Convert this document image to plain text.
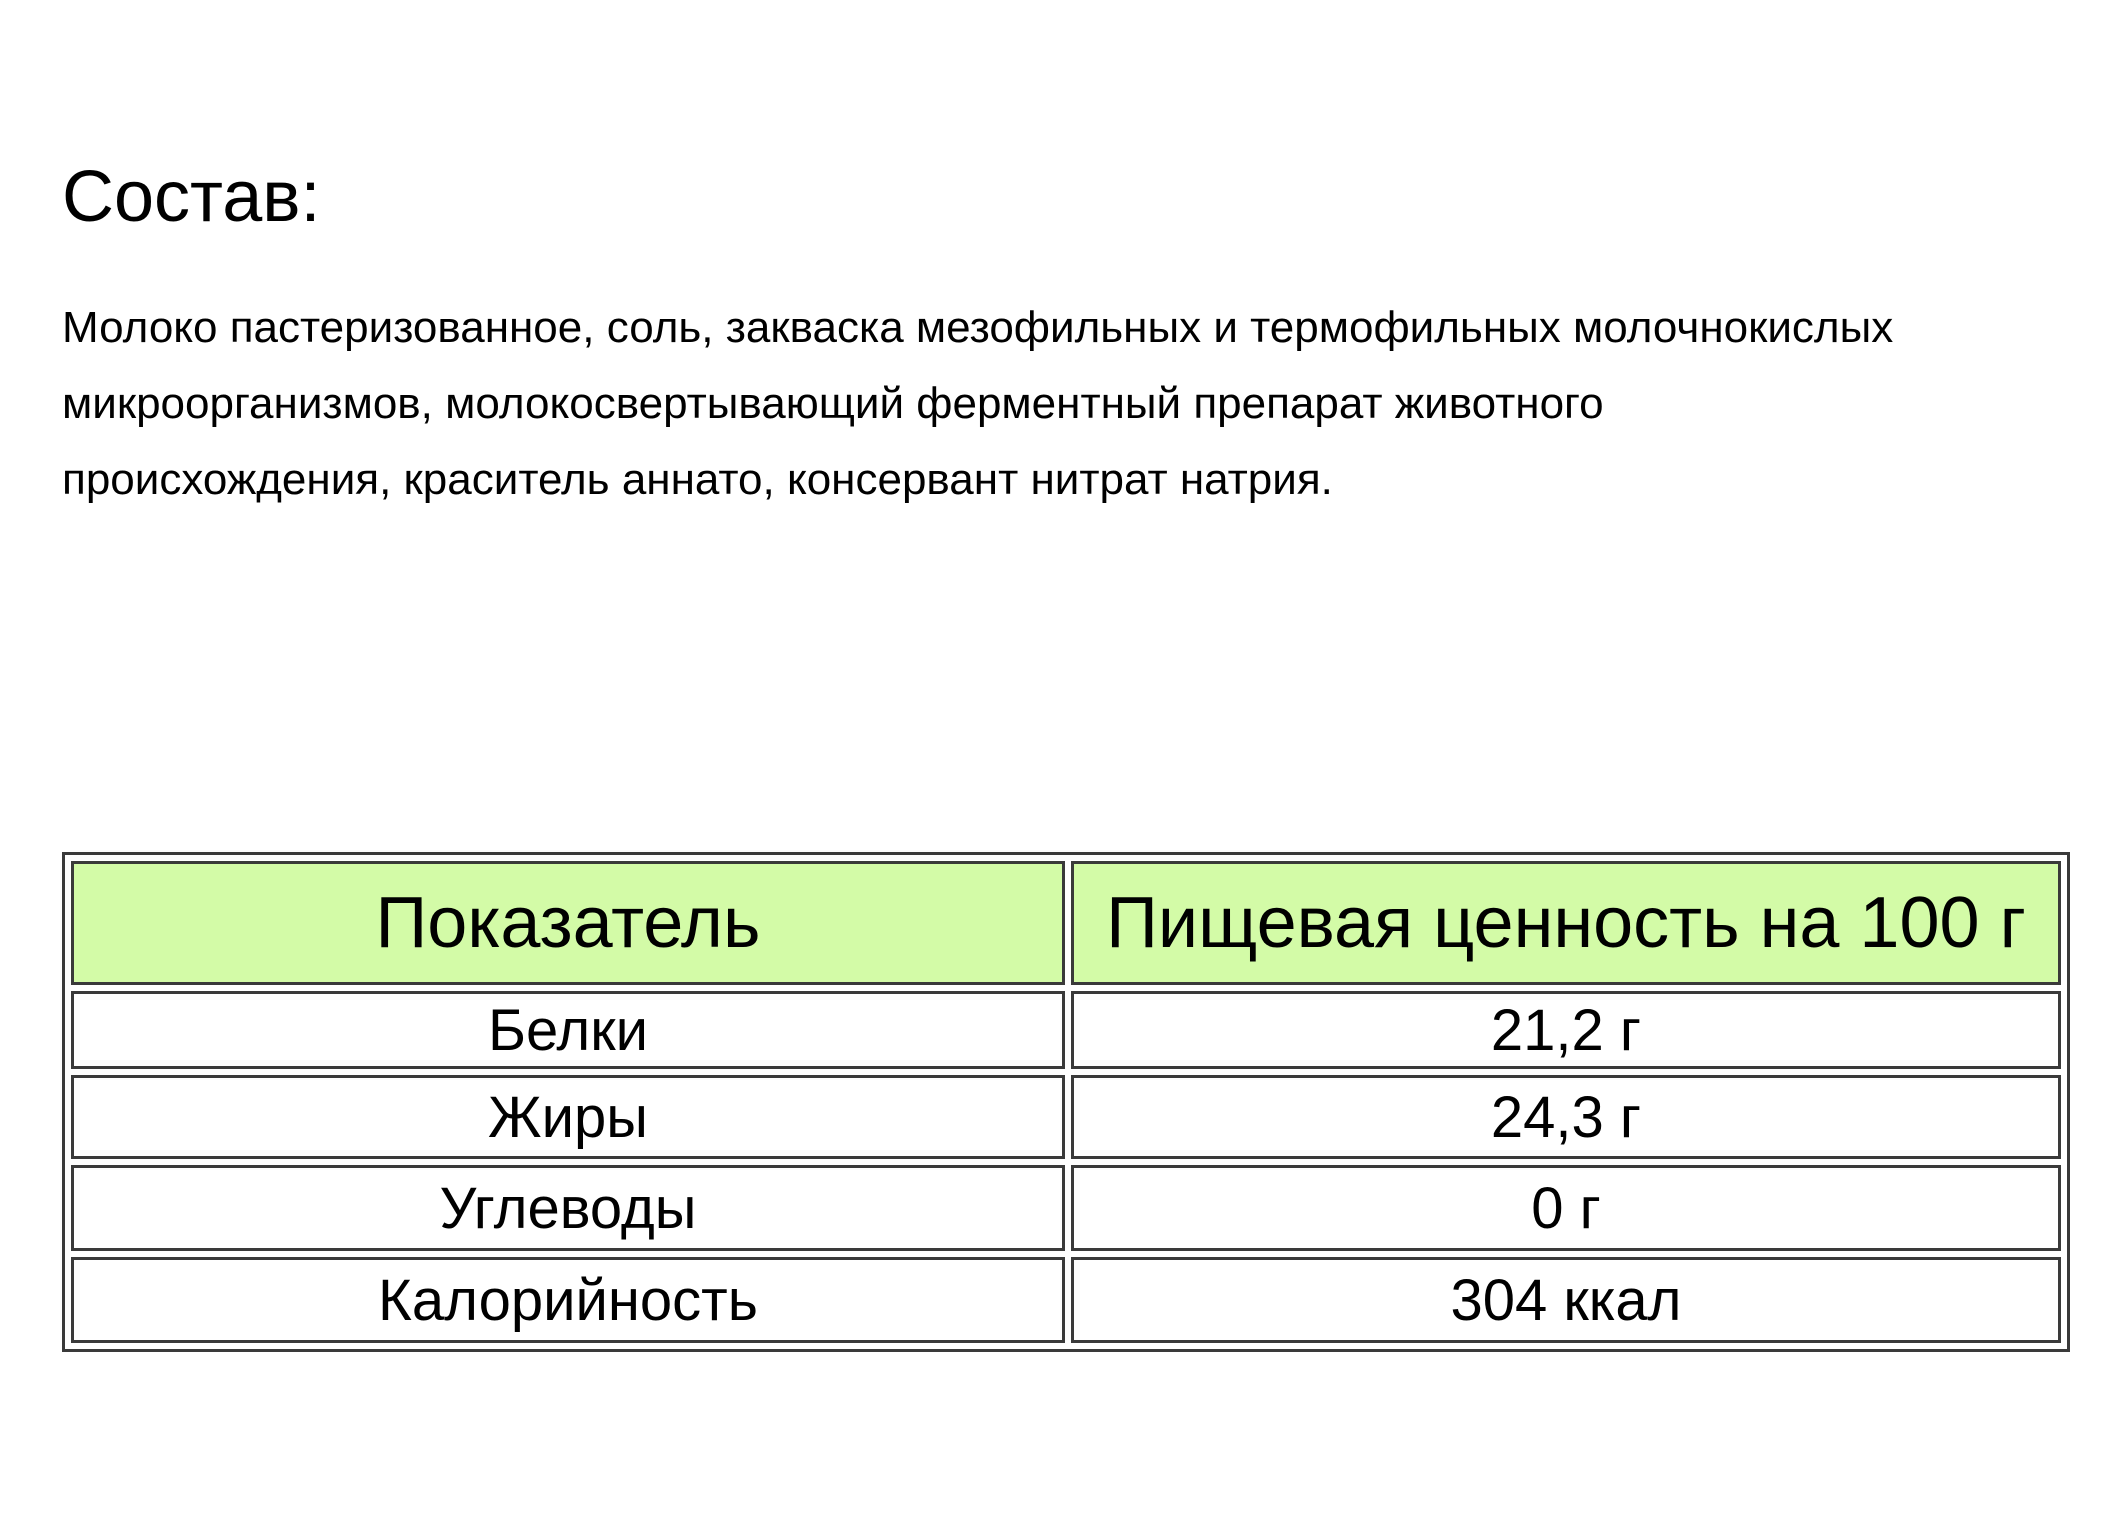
Состав:

Молоко пастеризованное, соль, закваска мезофильных и термофильных молочнокислых
микроорганизмов, молокосвертывающий ферментный препарат животного
происхождения, краситель аннато, консервант нитрат натрия.

Показатель	Пищевая ценность на 100 г
Белки	21,2 г
Жиры	24,3 г
Углеводы	0 г
Калорийность	304 ккал
